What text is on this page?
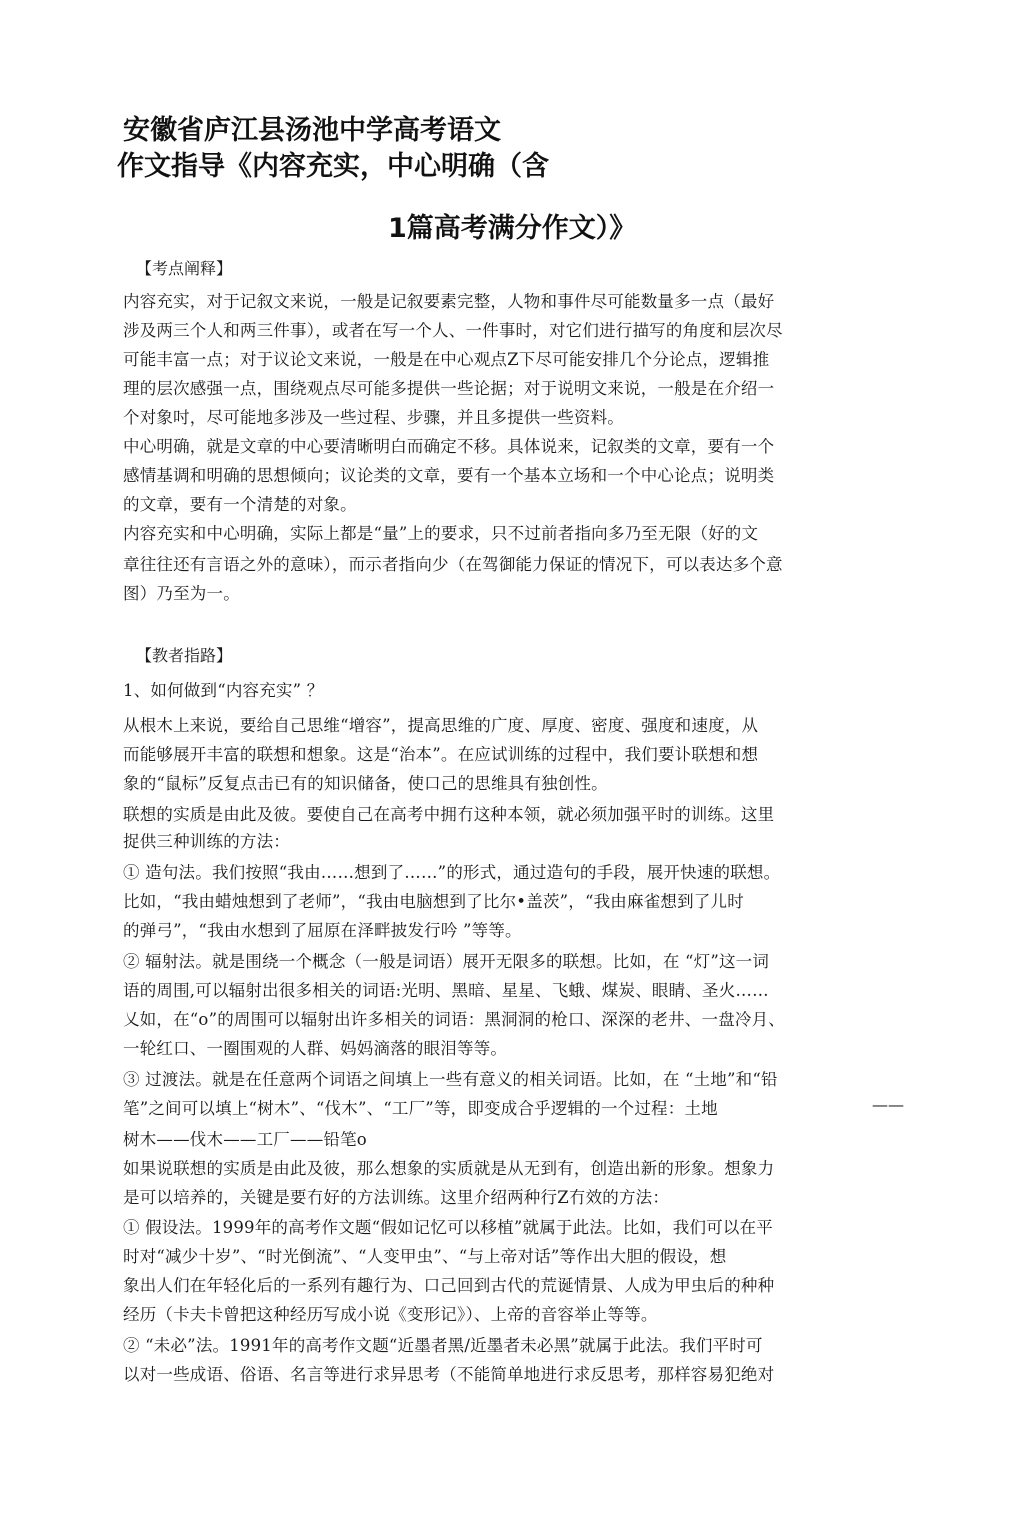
安徽省庐江县汤池中学高考语文
作文指导《内容充实，中心明确（含
1篇高考满分作文）》
【考点阐释】
内容充实，对于记叙文来说，一般是记叙要素完整，人物和事件尽可能数量多一点（最好
涉及两三个人和两三件事），或者在写一个人、一件事时，对它们进行描写的角度和层次尽
可能丰富一点；对于议论文来说，一般是在中心观点Z下尽可能安排几个分论点，逻辑推
理的层次感强一点，围绕观点尽可能多提供一些论据；对于说明文来说，一般是在介绍一
个对象吋，尽可能地多涉及一些过程、步骤，并且多提供一些资料。
中心明确，就是文章的中心要清晰明白而确定不移。具体说来，记叙类的文章，要有一个
感情基调和明确的思想倾向；议论类的文章，要有一个基本立场和一个中心论点；说明类
的文章，要有一个清楚的对象。
内容充实和中心明确，实际上都是“量”上的要求，只不过前者指向多乃至无限（好的文
章往往还有言语之外的意味），而示者指向少（在驾御能力保证的情况下，可以表达多个意
图）乃至为一。
【教者指路】
1、如何做到“内容充实” ？
从根木上来说，要给自己思维“增容”，提高思维的广度、厚度、密度、强度和速度，从
而能够展开丰富的联想和想象。这是“治本”。在应试训练的过程中，我们要讣联想和想
象的“鼠标”反复点击已有的知识储备，使口己的思维具有独创性。
联想的实质是由此及彼。要使自己在高考中拥冇这种本领，就必须加强平时的训练。这里
捉供三种训练的方法：
① 造句法。我们按照“我由……想到了……”的形式，通过造句的手段，展开快速的联想。
比如，“我由蜡烛想到了老师”，“我由电脑想到了比尔•盖茨”，“我由麻雀想到了儿时
的弹弓”，“我由水想到了屈原在泽畔披发行吟 ”等等。
② 辐射法。就是围绕一个概念（一般是词语）展开无限多的联想。比如，在 “灯”这一词
语的周围,可以辐射岀很多相关的词语:光明、黑暗、星星、飞蛾、煤炭、眼睛、圣火……
乂如，在“o”的周围可以辐射出许多相关的词语：黑洞洞的枪口、深深的老井、一盘冷月、
一轮红口、一圈围观的人群、妈妈滴落的眼泪等等。
③ 过渡法。就是在任意两个词语之间填上一些有意义的相关词语。比如，在 “土地”和“铅
笔”之间可以填上“树木”、“伐木”、“工厂”等，即变成合乎逻辑的一个过程：土地
树木——伐木——工厂——铅笔o
如果说联想的实质是由此及彼，那么想象的实质就是从无到有，创造出新的形象。想象力
是可以培养的，关键是要冇好的方法训练。这里介绍两种行Z冇效的方法：
① 假设法。1999年的高考作文题“假如记忆可以移植”就属于此法。比如，我们可以在平
时对“减少十岁”、“时光倒流”、“人变甲虫”、“与上帝对话”等作出大胆的假设，想
象出人们在年轻化后的一系列有趣行为、口己回到古代的荒诞情景、人成为甲虫后的种种
经历（卡夫卡曾把这种经历写成小说《变形记》）、上帝的音容举止等等。
② “未必”法。1991年的高考作文题“近墨者黑/近墨者未必黑”就属于此法。我们平时可
以对一些成语、俗语、名言等进行求异思考（不能简单地进行求反思考，那样容易犯绝对
——
